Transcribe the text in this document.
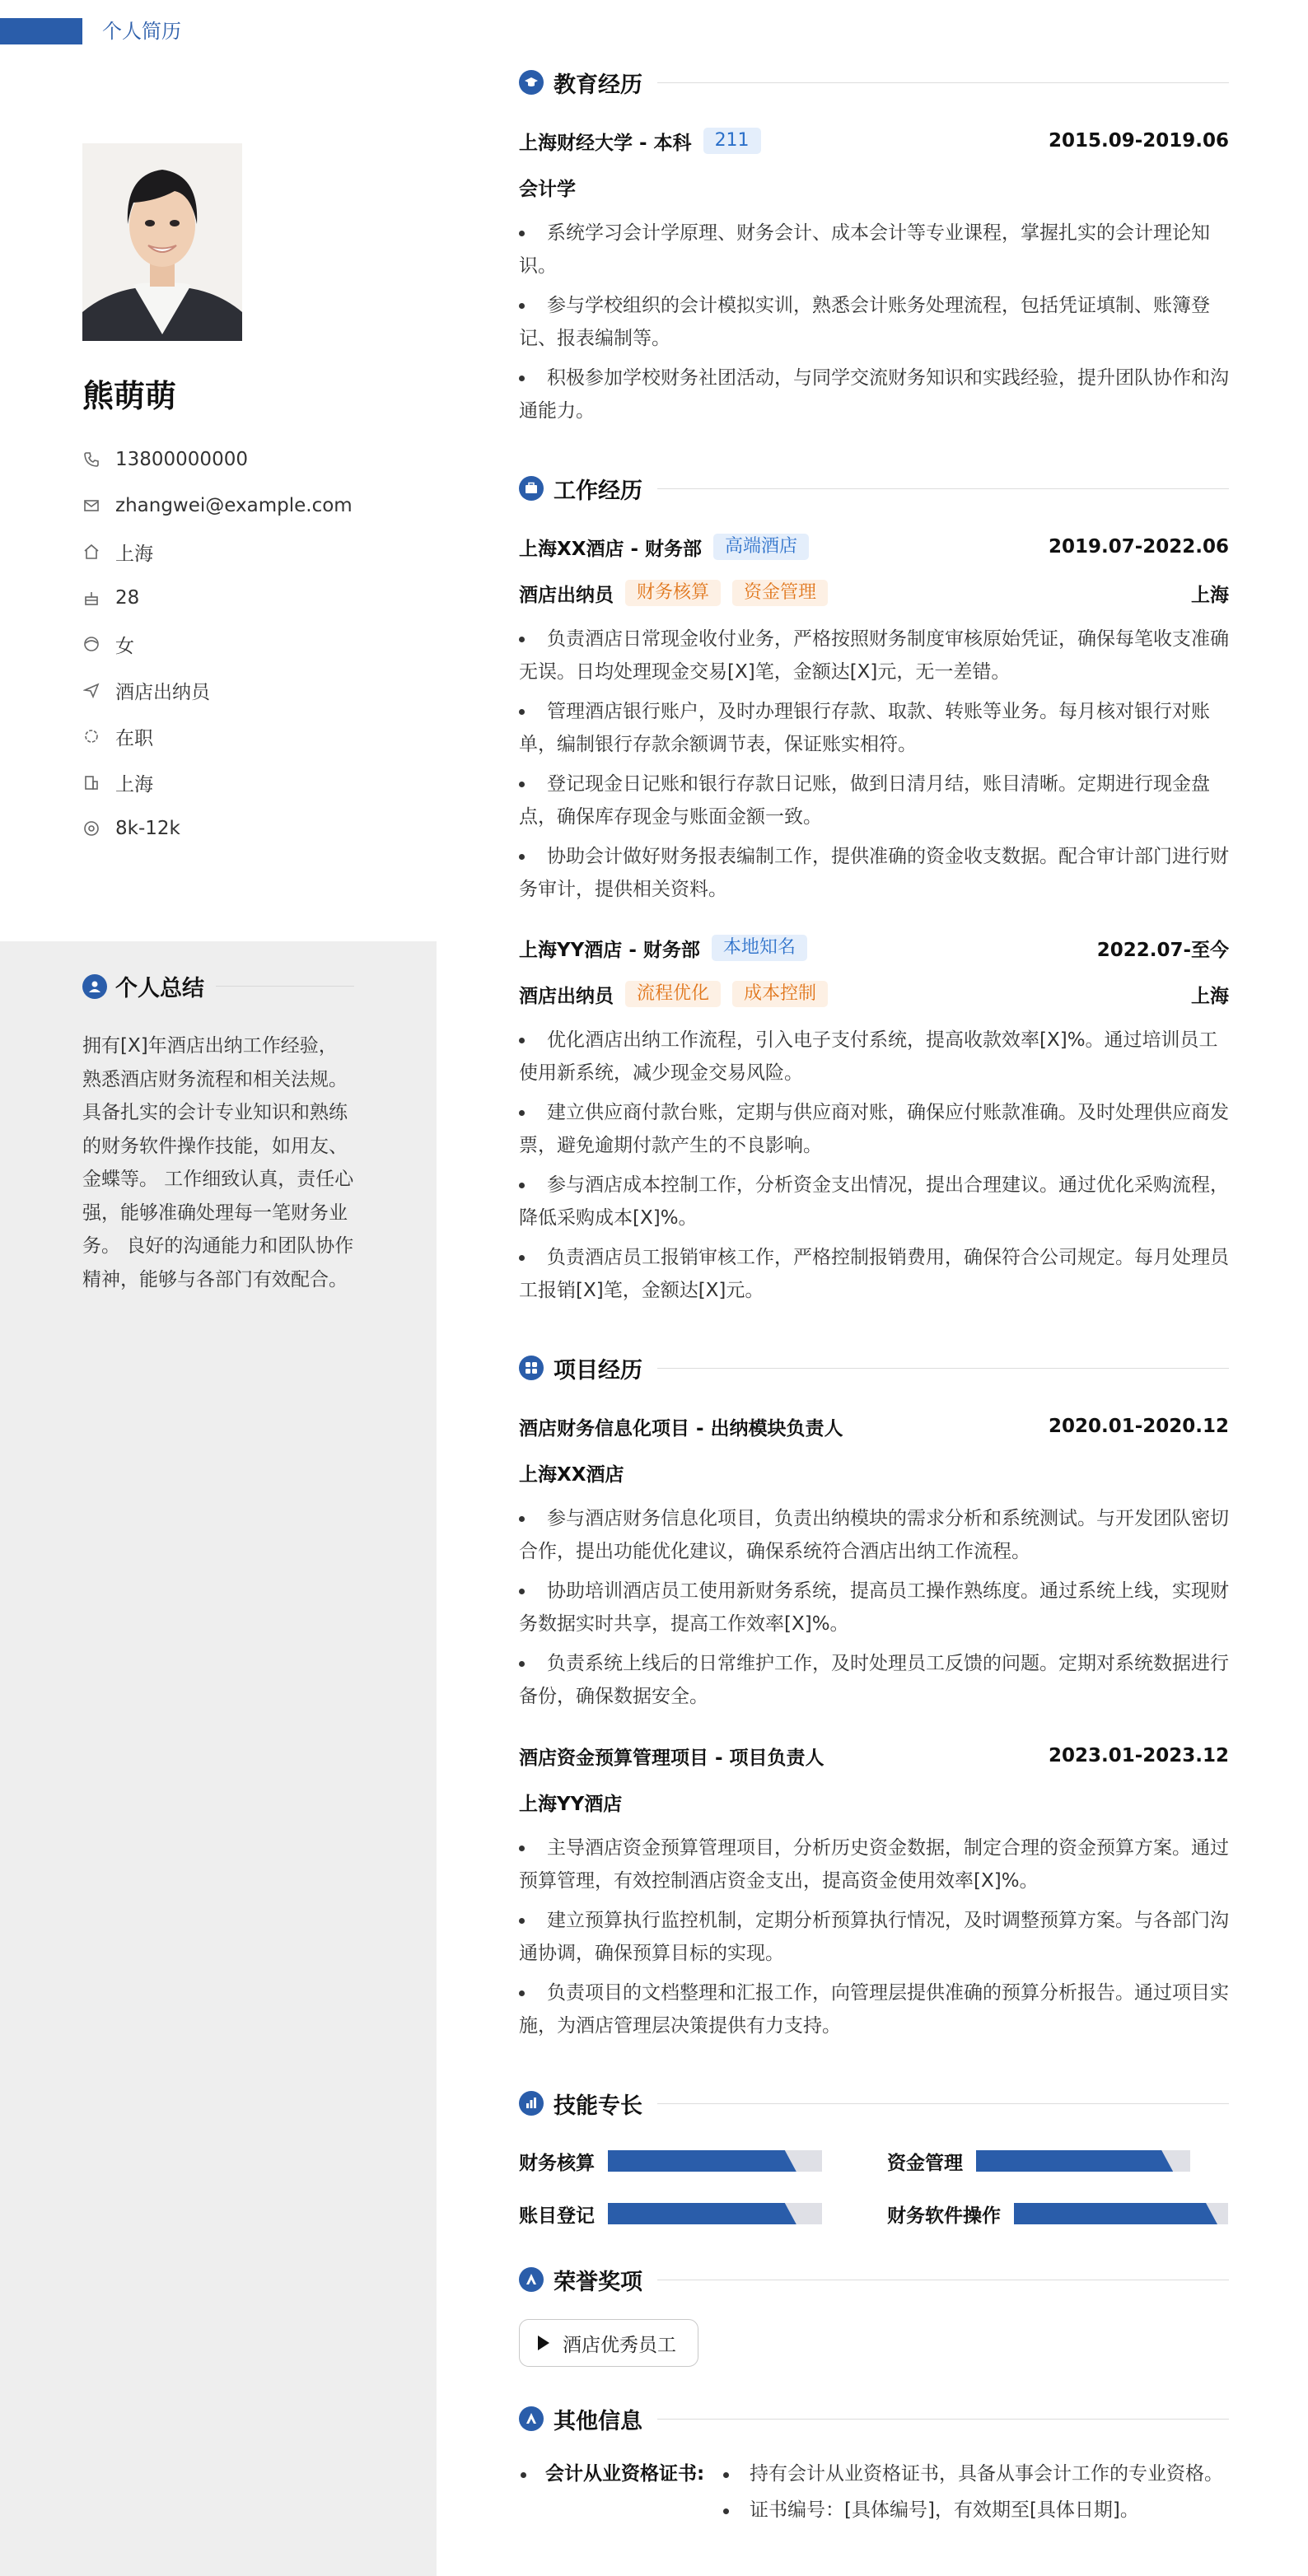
个人简历
熊萌萌
13800000000
zhangwei@example.com
上海
28
女
酒店出纳员
在职
上海
8k-12k
个人总结
拥有[X]年酒店出纳工作经验，熟悉酒店财务流程和相关法规。 具备扎实的会计专业知识和熟练的财务软件操作技能，如用友、金蝶等。 工作细致认真，责任心强，能够准确处理每一笔财务业务。 良好的沟通能力和团队协作精神，能够与各部门有效配合。
教育经历
上海财经大学 - 本科	211	2015.09-2019.06
会计学
系统学习会计学原理、财务会计、成本会计等专业课程，掌握扎实的会计理论知识。
参与学校组织的会计模拟实训，熟悉会计账务处理流程，包括凭证填制、账簿登记、报表编制等。
积极参加学校财务社团活动，与同学交流财务知识和实践经验，提升团队协作和沟通能力。
工作经历
上海XX酒店 - 财务部	高端酒店	2019.07-2022.06
酒店出纳员	财务核算	资金管理	上海
负责酒店日常现金收付业务，严格按照财务制度审核原始凭证，确保每笔收支准确无误。日均处理现金交易[X]笔，金额达[X]元，无一差错。
管理酒店银行账户，及时办理银行存款、取款、转账等业务。每月核对银行对账单，编制银行存款余额调节表，保证账实相符。
登记现金日记账和银行存款日记账，做到日清月结，账目清晰。定期进行现金盘点，确保库存现金与账面金额一致。
协助会计做好财务报表编制工作，提供准确的资金收支数据。配合审计部门进行财务审计，提供相关资料。
上海YY酒店 - 财务部	本地知名	2022.07-至今
酒店出纳员	流程优化	成本控制	上海
优化酒店出纳工作流程，引入电子支付系统，提高收款效率[X]%。通过培训员工使用新系统，减少现金交易风险。
建立供应商付款台账，定期与供应商对账，确保应付账款准确。及时处理供应商发票，避免逾期付款产生的不良影响。
参与酒店成本控制工作，分析资金支出情况，提出合理建议。通过优化采购流程，降低采购成本[X]%。
负责酒店员工报销审核工作，严格控制报销费用，确保符合公司规定。每月处理员工报销[X]笔，金额达[X]元。
项目经历
酒店财务信息化项目 - 出纳模块负责人	2020.01-2020.12
上海XX酒店
参与酒店财务信息化项目，负责出纳模块的需求分析和系统测试。与开发团队密切合作，提出功能优化建议，确保系统符合酒店出纳工作流程。
协助培训酒店员工使用新财务系统，提高员工操作熟练度。通过系统上线，实现财务数据实时共享，提高工作效率[X]%。
负责系统上线后的日常维护工作，及时处理员工反馈的问题。定期对系统数据进行备份，确保数据安全。
酒店资金预算管理项目 - 项目负责人	2023.01-2023.12
上海YY酒店
主导酒店资金预算管理项目，分析历史资金数据，制定合理的资金预算方案。通过预算管理，有效控制酒店资金支出，提高资金使用效率[X]%。
建立预算执行监控机制，定期分析预算执行情况，及时调整预算方案。与各部门沟通协调，确保预算目标的实现。
负责项目的文档整理和汇报工作，向管理层提供准确的预算分析报告。通过项目实施，为酒店管理层决策提供有力支持。
技能专长
财务核算	资金管理
账目登记	财务软件操作
荣誉奖项
酒店优秀员工
其他信息
会计从业资格证书:	持有会计从业资格证书，具备从事会计工作的专业资格。
证书编号：[具体编号]，有效期至[具体日期]。
